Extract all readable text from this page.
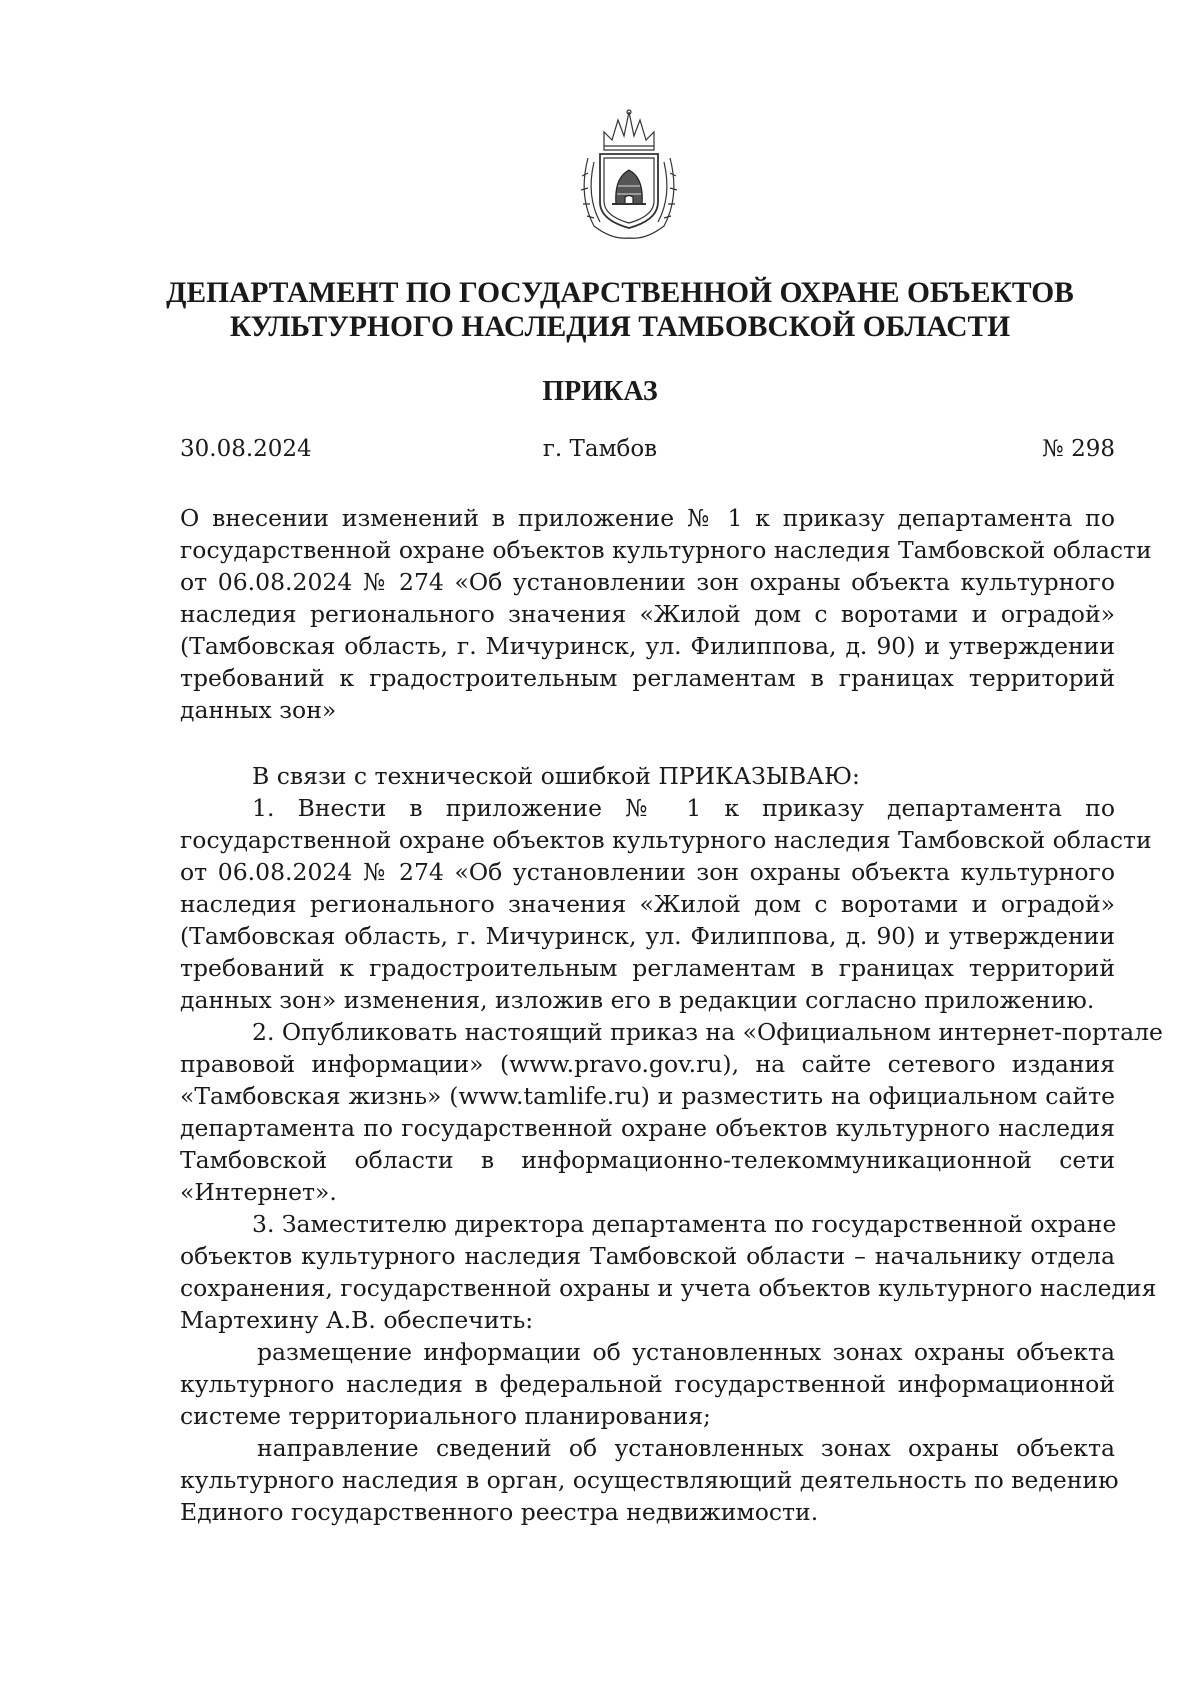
ДЕПАРТАМЕНТ ПО ГОСУДАРСТВЕННОЙ ОХРАНЕ ОБЪЕКТОВ
КУЛЬТУРНОГО НАСЛЕДИЯ ТАМБОВСКОЙ ОБЛАСТИ
ПРИКАЗ
30.08.2024	г. Тамбов	№ 298
О внесении изменений в приложение № 1 к приказу департамента по
государственной охране объектов культурного наследия Тамбовской области
от 06.08.2024 № 274 «Об установлении зон охраны объекта культурного
наследия регионального значения «Жилой дом с воротами и оградой»
(Тамбовская область, г. Мичуринск, ул. Филиппова, д. 90) и утверждении
требований к градостроительным регламентам в границах территорий
данных зон»
В связи с технической ошибкой ПРИКАЗЫВАЮ:
1. Внести в приложение № 1 к приказу департамента по
государственной охране объектов культурного наследия Тамбовской области
от 06.08.2024 № 274 «Об установлении зон охраны объекта культурного
наследия регионального значения «Жилой дом с воротами и оградой»
(Тамбовская область, г. Мичуринск, ул. Филиппова, д. 90) и утверждении
требований к градостроительным регламентам в границах территорий
данных зон» изменения, изложив его в редакции согласно приложению.
2. Опубликовать настоящий приказ на «Официальном интернет-портале
правовой информации» (www.pravo.gov.ru), на сайте сетевого издания
«Тамбовская жизнь» (www.tamlife.ru) и разместить на официальном сайте
департамента по государственной охране объектов культурного наследия
Тамбовской области в информационно-телекоммуникационной сети
«Интернет».
3. Заместителю директора департамента по государственной охране
объектов культурного наследия Тамбовской области – начальнику отдела
сохранения, государственной охраны и учета объектов культурного наследия
Мартехину А.В. обеспечить:
размещение информации об установленных зонах охраны объекта
культурного наследия в федеральной государственной информационной
системе территориального планирования;
направление сведений об установленных зонах охраны объекта
культурного наследия в орган, осуществляющий деятельность по ведению
Единого государственного реестра недвижимости.
